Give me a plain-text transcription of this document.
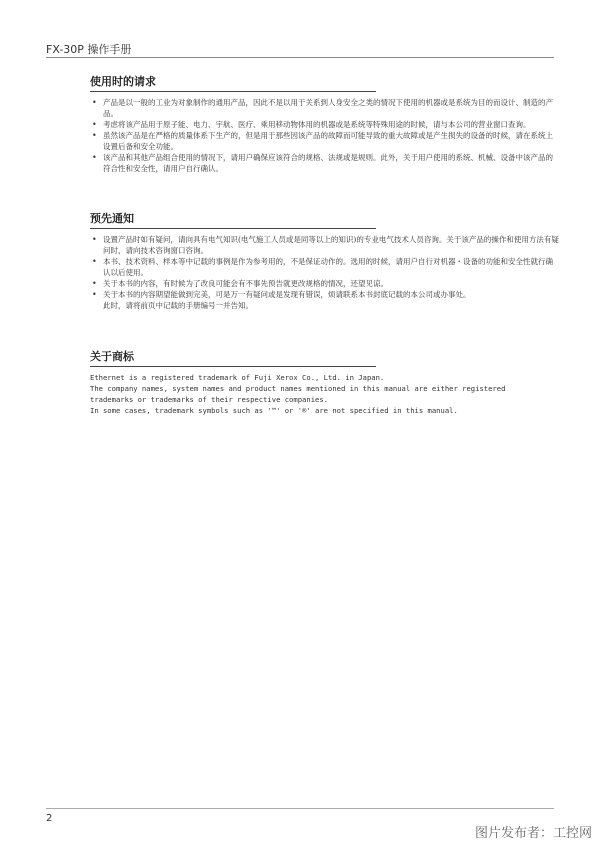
FX-30P 操作手册
使用时的请求
• 产品是以一般的工业为对象制作的通用产品，因此不是以用于关系到人身安全之类的情况下使用的机器或是系统为目的而设计、制造的产品。
• 考虑将该产品用于原子能、电力、宇航、医疗、乘用移动物体用的机器或是系统等特殊用途的时候，请与本公司的营业窗口查询。
• 虽然该产品是在严格的质量体系下生产的，但是用于那些因该产品的故障而可能导致的重大故障或是产生损失的设备的时候，请在系统上设置后备和安全功能。
• 该产品和其他产品组合使用的情况下，请用户确保应该符合的规格、法规或是规则。此外，关于用户使用的系统、机械、设备中该产品的符合性和安全性，请用户自行确认。
预先通知
• 设置产品时如有疑问，请向具有电气知识(电气施工人员或是同等以上的知识)的专业电气技术人员咨询。关于该产品的操作和使用方法有疑问时，请向技术咨询窗口咨询。
• 本书、技术资料、样本等中记载的事例是作为参考用的，不是保证动作的。选用的时候，请用户自行对机器・设备的功能和安全性就行确认以后使用。
• 关于本书的内容，有时候为了改良可能会有不事先预告就更改规格的情况，还望见谅。
• 关于本书的内容期望能做到完美，可是万一有疑问或是发现有错误，烦请联系本书封底记载的本公司或办事处。
此时，请将前页中记载的手册编号一并告知。
关于商标
Ethernet is a registered trademark of Fuji Xerox Co., Ltd. in Japan.
The company names, system names and product names mentioned in this manual are either registered
trademarks or trademarks of their respective companies.
In some cases, trademark symbols such as '™' or '®' are not specified in this manual.
2
图片发布者：工控网
